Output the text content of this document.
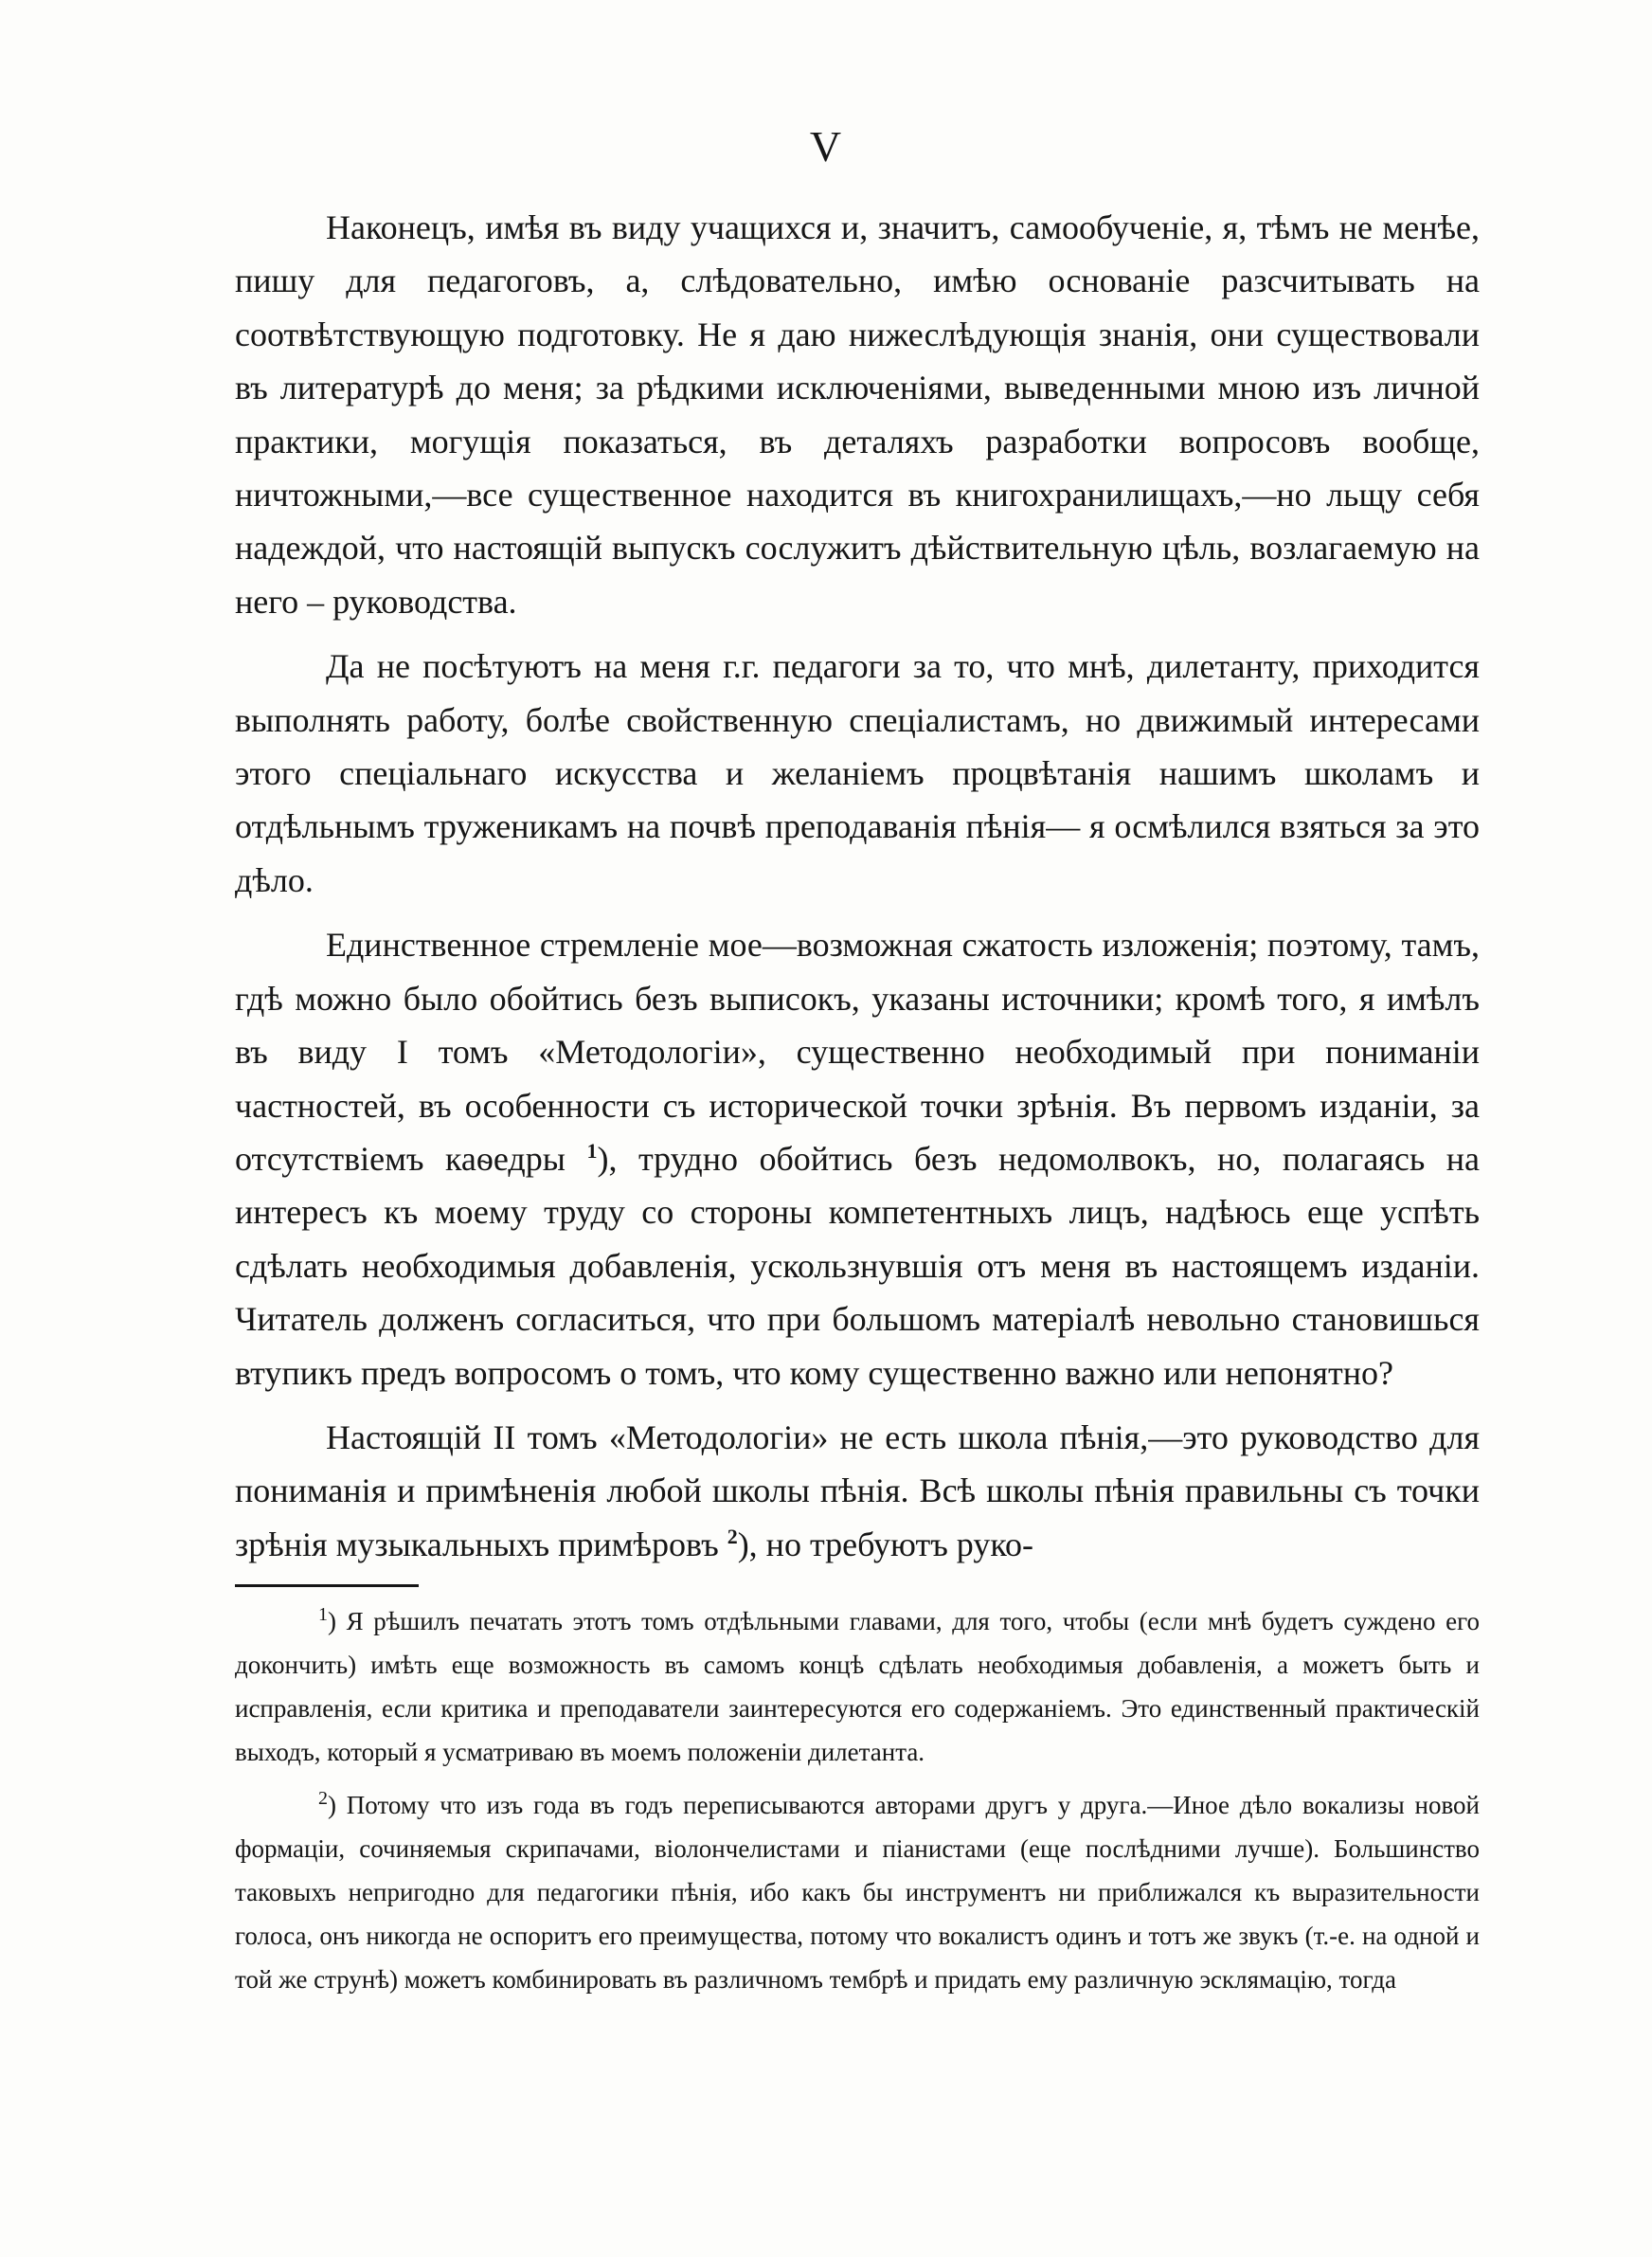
V

Наконецъ, имѣя въ виду учащихся и, значитъ, самообученіе, я, тѣмъ не менѣе, пишу для педагоговъ, а, слѣдовательно, имѣю основаніе разсчитывать на соотвѣтствующую подготовку. Не я даю нижеслѣдующія знанія, они существовали въ литературѣ до меня; за рѣдкими исключеніями, выведенными мною изъ личной практики, могущія показаться, въ деталяхъ разработки вопросовъ вообще, ничтожными,—все существенное находится въ книгохранилищахъ,—но льщу себя надеждой, что настоящій выпускъ сослужитъ дѣйствительную цѣль, возлагаемую на него – руководства.

Да не посѣтуютъ на меня г.г. педагоги за то, что мнѣ, дилетанту, приходится выполнять работу, болѣе свойственную спеціалистамъ, но движимый интересами этого спеціальнаго искусства и желаніемъ процвѣтанія нашимъ школамъ и отдѣльнымъ труженикамъ на почвѣ преподаванія пѣнія— я осмѣлился взяться за это дѣло.

Единственное стремленіе мое—возможная сжатость изложенія; поэтому, тамъ, гдѣ можно было обойтись безъ выписокъ, указаны источники; кромѣ того, я имѣлъ въ виду I томъ «Методологіи», существенно необходимый при пониманіи частностей, въ особенности съ исторической точки зрѣнія. Въ первомъ изданіи, за отсутствіемъ каѳедры $^1$), трудно обойтись безъ недомолвокъ, но, полагаясь на интересъ къ моему труду со стороны компетентныхъ лицъ, надѣюсь еще успѣть сдѣлать необходимыя добавленія, ускользнувшія отъ меня въ настоящемъ изданіи. Читатель долженъ согласиться, что при большомъ матеріалѣ невольно становишься втупикъ предъ вопросомъ о томъ, что кому существенно важно или непонятно?

Настоящій II томъ «Методологіи» не есть школа пѣнія,—это руководство для пониманія и примѣненія любой школы пѣнія. Всѣ школы пѣнія правильны съ точки зрѣнія музыкальныхъ примѣровъ $^2$), но требуютъ руко-

$^1$) Я рѣшилъ печатать этотъ томъ отдѣльными главами, для того, чтобы (если мнѣ будетъ суждено его докончить) имѣть еще возможность въ самомъ концѣ сдѣлать необходимыя добавленія, а можетъ быть и исправленія, если критика и преподаватели заинтересуются его содержаніемъ. Это единственный практическій выходъ, который я усматриваю въ моемъ положеніи дилетанта.

$^2$) Потому что изъ года въ годъ переписываются авторами другъ у друга.—Иное дѣло вокализы новой формаціи, сочиняемыя скрипачами, віолончелистами и піанистами (еще послѣдними лучше). Большинство таковыхъ непригодно для педагогики пѣнія, ибо какъ бы инструментъ ни приближался къ выразительности голоса, онъ никогда не оспоритъ его преимущества, потому что вокалистъ одинъ и тотъ же звукъ (т.-е. на одной и той же струнѣ) можетъ комбинировать въ различномъ тембрѣ и придать ему различную эсклямацію, тогда
